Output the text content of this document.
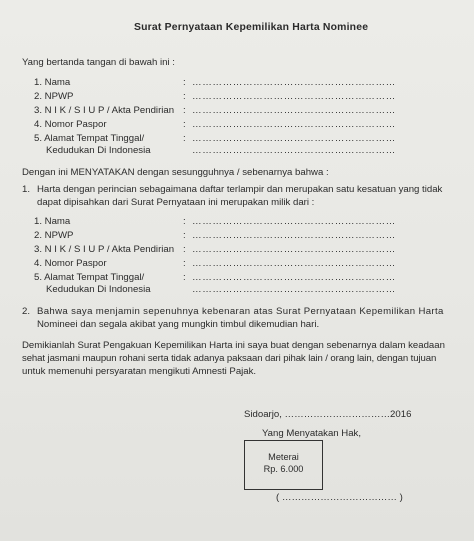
Surat Pernyataan Kepemilikan Harta Nominee
Yang bertanda tangan di bawah ini :
1. Nama	: ……………………………………………………
2. NPWP	: ……………………………………………………
3. N I K / S I U P / Akta Pendirian : ……………………………………………………
4. Nomor Paspor	: ……………………………………………………
5. Alamat Tempat Tinggal/	: ……………………………………………………
Kedudukan Di Indonesia	……………………………………………………
Dengan ini MENYATAKAN dengan sesungguhnya / sebenarnya bahwa :
1. Harta dengan perincian sebagaimana daftar terlampir dan merupakan satu kesatuan yang tidak
dapat dipisahkan dari Surat Pernyataan ini merupakan milik dari :
1. Nama	: ……………………………………………………
2. NPWP	: ……………………………………………………
3. N I K / S I U P / Akta Pendirian : ……………………………………………………
4. Nomor Paspor	: ……………………………………………………
5. Alamat Tempat Tinggal/	: ……………………………………………………
Kedudukan Di Indonesia	……………………………………………………
2. Bahwa saya menjamin sepenuhnya kebenaran atas Surat Pernyataan Kepemilikan Harta
Nomineei dan segala akibat yang mungkin timbul dikemudian hari.
Demikianlah Surat Pengakuan Kepemilikan Harta ini saya buat dengan sebenarnya dalam keadaan
sehat jasmani maupun rohani serta tidak adanya paksaan dari pihak lain / orang lain, dengan tujuan
untuk memenuhi persyaratan mengikuti Amnesti Pajak.
Sidoarjo, ……………………………2016
Yang Menyatakan Hak,
Meterai
Rp. 6.000
( ……………………………… )
